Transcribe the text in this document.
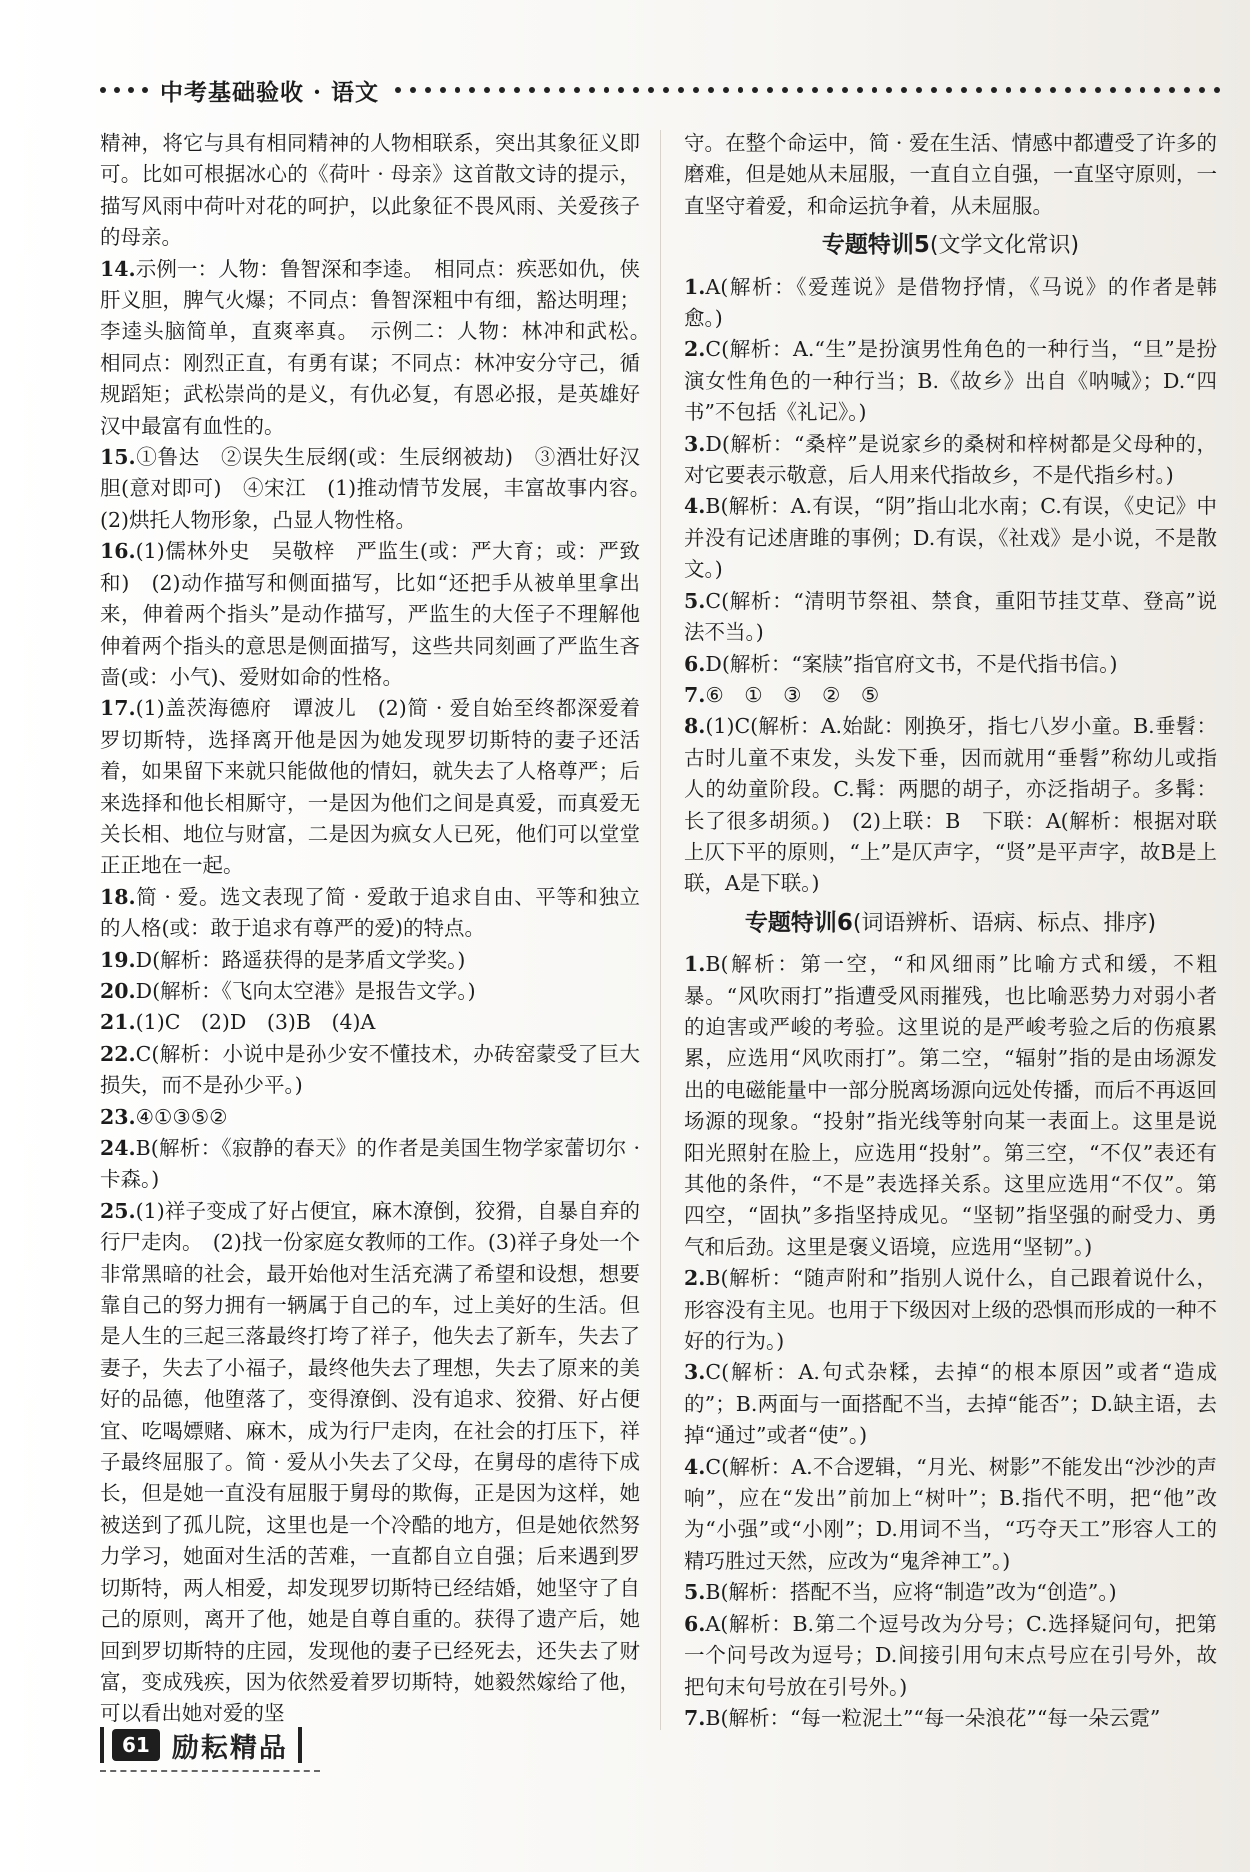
中考基础验收 · 语文

精神，将它与具有相同精神的人物相联系，突出其象征义即可。比如可根据冰心的《荷叶 · 母亲》这首散文诗的提示，描写风雨中荷叶对花的呵护，以此象征不畏风雨、关爱孩子的母亲。

14.示例一：人物：鲁智深和李逵。　相同点：疾恶如仇，侠肝义胆，脾气火爆；不同点：鲁智深粗中有细，豁达明理；李逵头脑简单，直爽率真。　示例二：人物：林冲和武松。　相同点：刚烈正直，有勇有谋；不同点：林冲安分守己，循规蹈矩；武松崇尚的是义，有仇必复，有恩必报，是英雄好汉中最富有血性的。

15.①鲁达　②误失生辰纲(或：生辰纲被劫)　③酒壮好汉胆(意对即可)　④宋江　(1)推动情节发展，丰富故事内容。　(2)烘托人物形象，凸显人物性格。

16.(1)儒林外史　吴敬梓　严监生(或：严大育；或：严致和)　(2)动作描写和侧面描写，比如“还把手从被单里拿出来，伸着两个指头”是动作描写，严监生的大侄子不理解他伸着两个指头的意思是侧面描写，这些共同刻画了严监生吝啬(或：小气)、爱财如命的性格。

17.(1)盖茨海德府　谭波儿　(2)简 · 爱自始至终都深爱着罗切斯特，选择离开他是因为她发现罗切斯特的妻子还活着，如果留下来就只能做他的情妇，就失去了人格尊严；后来选择和他长相厮守，一是因为他们之间是真爱，而真爱无关长相、地位与财富，二是因为疯女人已死，他们可以堂堂正正地在一起。

18.简 · 爱。选文表现了简 · 爱敢于追求自由、平等和独立的人格(或：敢于追求有尊严的爱)的特点。

19.D(解析：路遥获得的是茅盾文学奖。)

20.D(解析：《飞向太空港》是报告文学。)

21.(1)C　(2)D　(3)B　(4)A

22.C(解析：小说中是孙少安不懂技术，办砖窑蒙受了巨大损失，而不是孙少平。)

23.④①③⑤②

24.B(解析：《寂静的春天》的作者是美国生物学家蕾切尔 · 卡森。)

25.(1)祥子变成了好占便宜，麻木潦倒，狡猾，自暴自弃的行尸走肉。　(2)找一份家庭女教师的工作。(3)祥子身处一个非常黑暗的社会，最开始他对生活充满了希望和设想，想要靠自己的努力拥有一辆属于自己的车，过上美好的生活。但是人生的三起三落最终打垮了祥子，他失去了新车，失去了妻子，失去了小福子，最终他失去了理想，失去了原来的美好的品德，他堕落了，变得潦倒、没有追求、狡猾、好占便宜、吃喝嫖赌、麻木，成为行尸走肉，在社会的打压下，祥子最终屈服了。简 · 爱从小失去了父母，在舅母的虐待下成长，但是她一直没有屈服于舅母的欺侮，正是因为这样，她被送到了孤儿院，这里也是一个冷酷的地方，但是她依然努力学习，她面对生活的苦难，一直都自立自强；后来遇到罗切斯特，两人相爱，却发现罗切斯特已经结婚，她坚守了自己的原则，离开了他，她是自尊自重的。获得了遗产后，她回到罗切斯特的庄园，发现他的妻子已经死去，还失去了财富，变成残疾，因为依然爱着罗切斯特，她毅然嫁给了他，可以看出她对爱的坚

守。在整个命运中，简 · 爱在生活、情感中都遭受了许多的磨难，但是她从未屈服，一直自立自强，一直坚守原则，一直坚守着爱，和命运抗争着，从未屈服。

专题特训5(文学文化常识)

1.A(解析：《爱莲说》是借物抒情，《马说》的作者是韩愈。)

2.C(解析：A.“生”是扮演男性角色的一种行当，“旦”是扮演女性角色的一种行当；B.《故乡》出自《呐喊》；D.“四书”不包括《礼记》。)

3.D(解析：“桑梓”是说家乡的桑树和梓树都是父母种的，对它要表示敬意，后人用来代指故乡，不是代指乡村。)

4.B(解析：A.有误，“阴”指山北水南；C.有误，《史记》中并没有记述唐雎的事例；D.有误，《社戏》是小说，不是散文。)

5.C(解析：“清明节祭祖、禁食，重阳节挂艾草、登高”说法不当。)

6.D(解析：“案牍”指官府文书，不是代指书信。)

7.⑥　①　③　②　⑤

8.(1)C(解析：A.始龀：刚换牙，指七八岁小童。B.垂髫：古时儿童不束发，头发下垂，因而就用“垂髫”称幼儿或指人的幼童阶段。C.髯：两腮的胡子，亦泛指胡子。多髯：长了很多胡须。)　(2)上联：B　下联：A(解析：根据对联上仄下平的原则，“上”是仄声字，“贤”是平声字，故B是上联，A是下联。)

专题特训6(词语辨析、语病、标点、排序)

1.B(解析：第一空，“和风细雨”比喻方式和缓，不粗暴。“风吹雨打”指遭受风雨摧残，也比喻恶势力对弱小者的迫害或严峻的考验。这里说的是严峻考验之后的伤痕累累，应选用“风吹雨打”。第二空，“辐射”指的是由场源发出的电磁能量中一部分脱离场源向远处传播，而后不再返回场源的现象。“投射”指光线等射向某一表面上。这里是说阳光照射在脸上，应选用“投射”。第三空，“不仅”表还有其他的条件，“不是”表选择关系。这里应选用“不仅”。第四空，“固执”多指坚持成见。“坚韧”指坚强的耐受力、勇气和后劲。这里是褒义语境，应选用“坚韧”。)

2.B(解析：“随声附和”指别人说什么，自己跟着说什么，形容没有主见。也用于下级因对上级的恐惧而形成的一种不好的行为。)

3.C(解析：A.句式杂糅，去掉“的根本原因”或者“造成的”；B.两面与一面搭配不当，去掉“能否”；D.缺主语，去掉“通过”或者“使”。)

4.C(解析：A.不合逻辑，“月光、树影”不能发出“沙沙的声响”，应在“发出”前加上“树叶”；B.指代不明，把“他”改为“小强”或“小刚”；D.用词不当，“巧夺天工”形容人工的精巧胜过天然，应改为“鬼斧神工”。)

5.B(解析：搭配不当，应将“制造”改为“创造”。)

6.A(解析：B.第二个逗号改为分号；C.选择疑问句，把第一个问号改为逗号；D.间接引用句末点号应在引号外，故把句末句号放在引号外。)

7.B(解析：“每一粒泥土”“每一朵浪花”“每一朵云霓”

61 励耘精品
